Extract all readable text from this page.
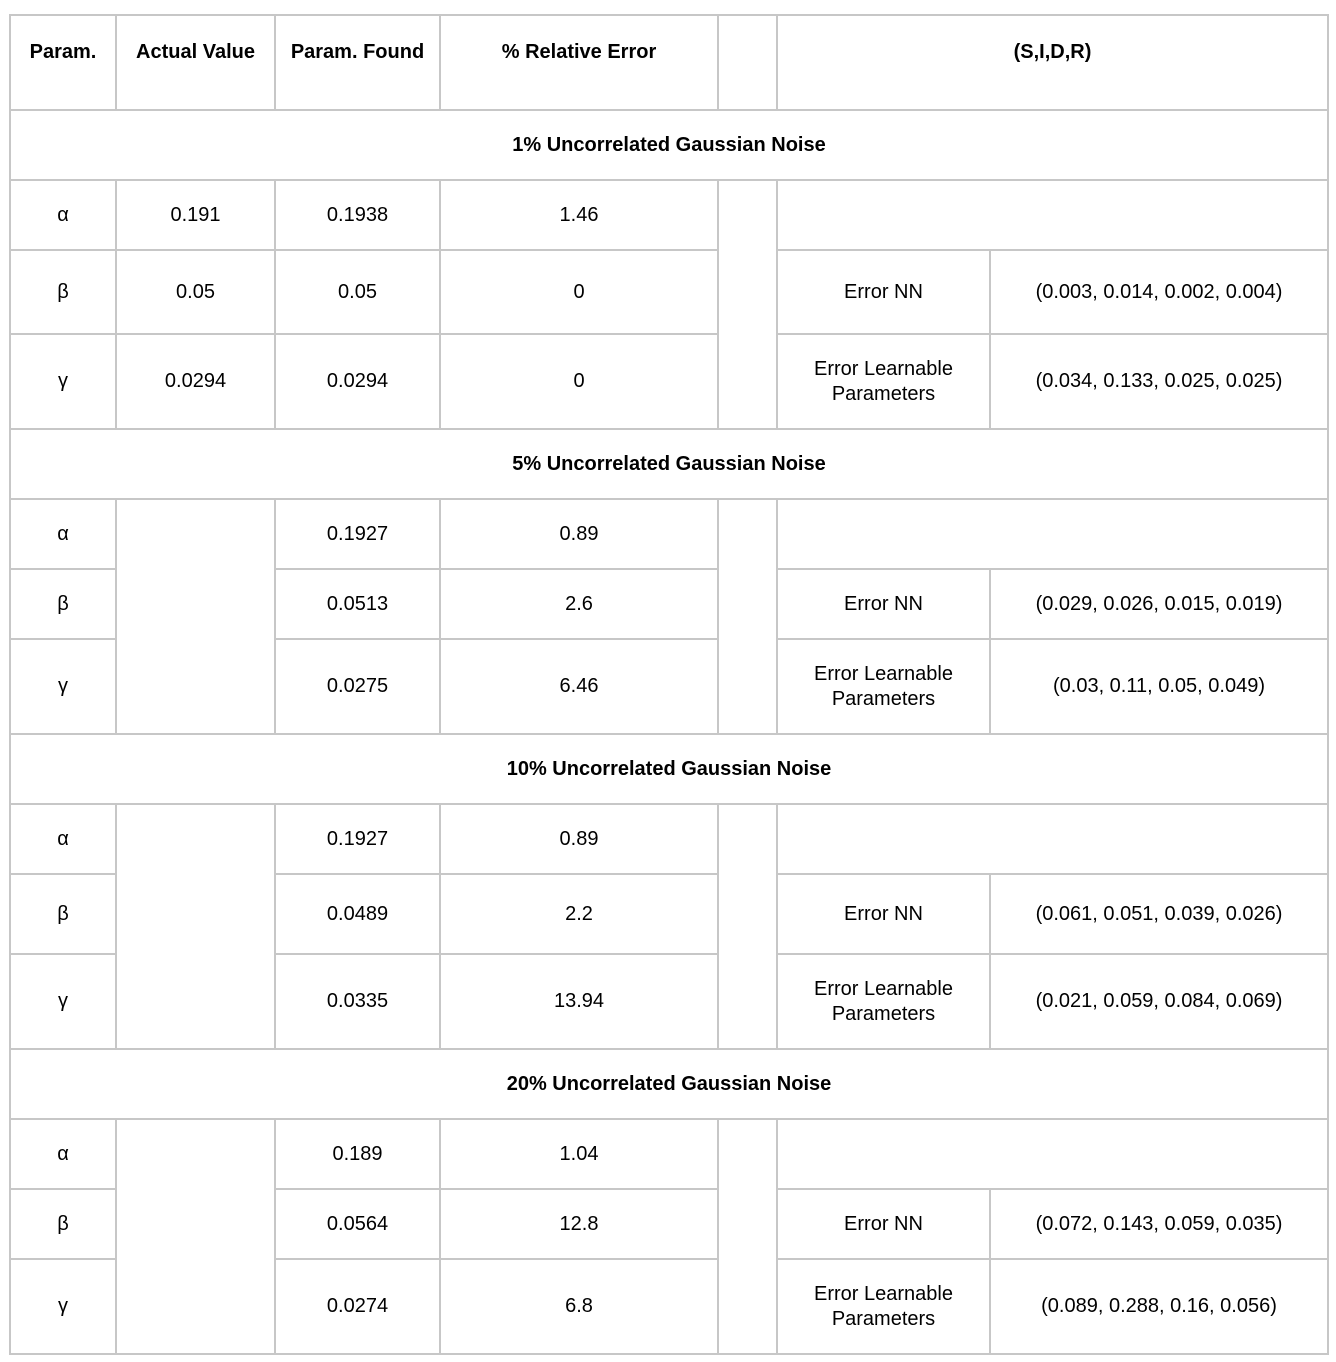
Param.	Actual Value	Param. Found	% Relative Error		(S,I,D,R)	
1% Uncorrelated Gaussian Noise						
α	0.191	0.1938	1.46			
β	0.05	0.05	0		Error NN	(0.003, 0.014, 0.002, 0.004)
γ	0.0294	0.0294	0		Error Learnable Parameters	(0.034, 0.133, 0.025, 0.025)
5% Uncorrelated Gaussian Noise						
α		0.1927	0.89			
β		0.0513	2.6		Error NN	(0.029, 0.026, 0.015, 0.019)
γ		0.0275	6.46		Error Learnable Parameters	(0.03, 0.11, 0.05, 0.049)
10% Uncorrelated Gaussian Noise						
α		0.1927	0.89			
β		0.0489	2.2		Error NN	(0.061, 0.051, 0.039, 0.026)
γ		0.0335	13.94		Error Learnable Parameters	(0.021, 0.059, 0.084, 0.069)
20% Uncorrelated Gaussian Noise						
α		0.189	1.04			
β		0.0564	12.8		Error NN	(0.072, 0.143, 0.059, 0.035)
γ		0.0274	6.8		Error Learnable Parameters	(0.089, 0.288, 0.16, 0.056)
